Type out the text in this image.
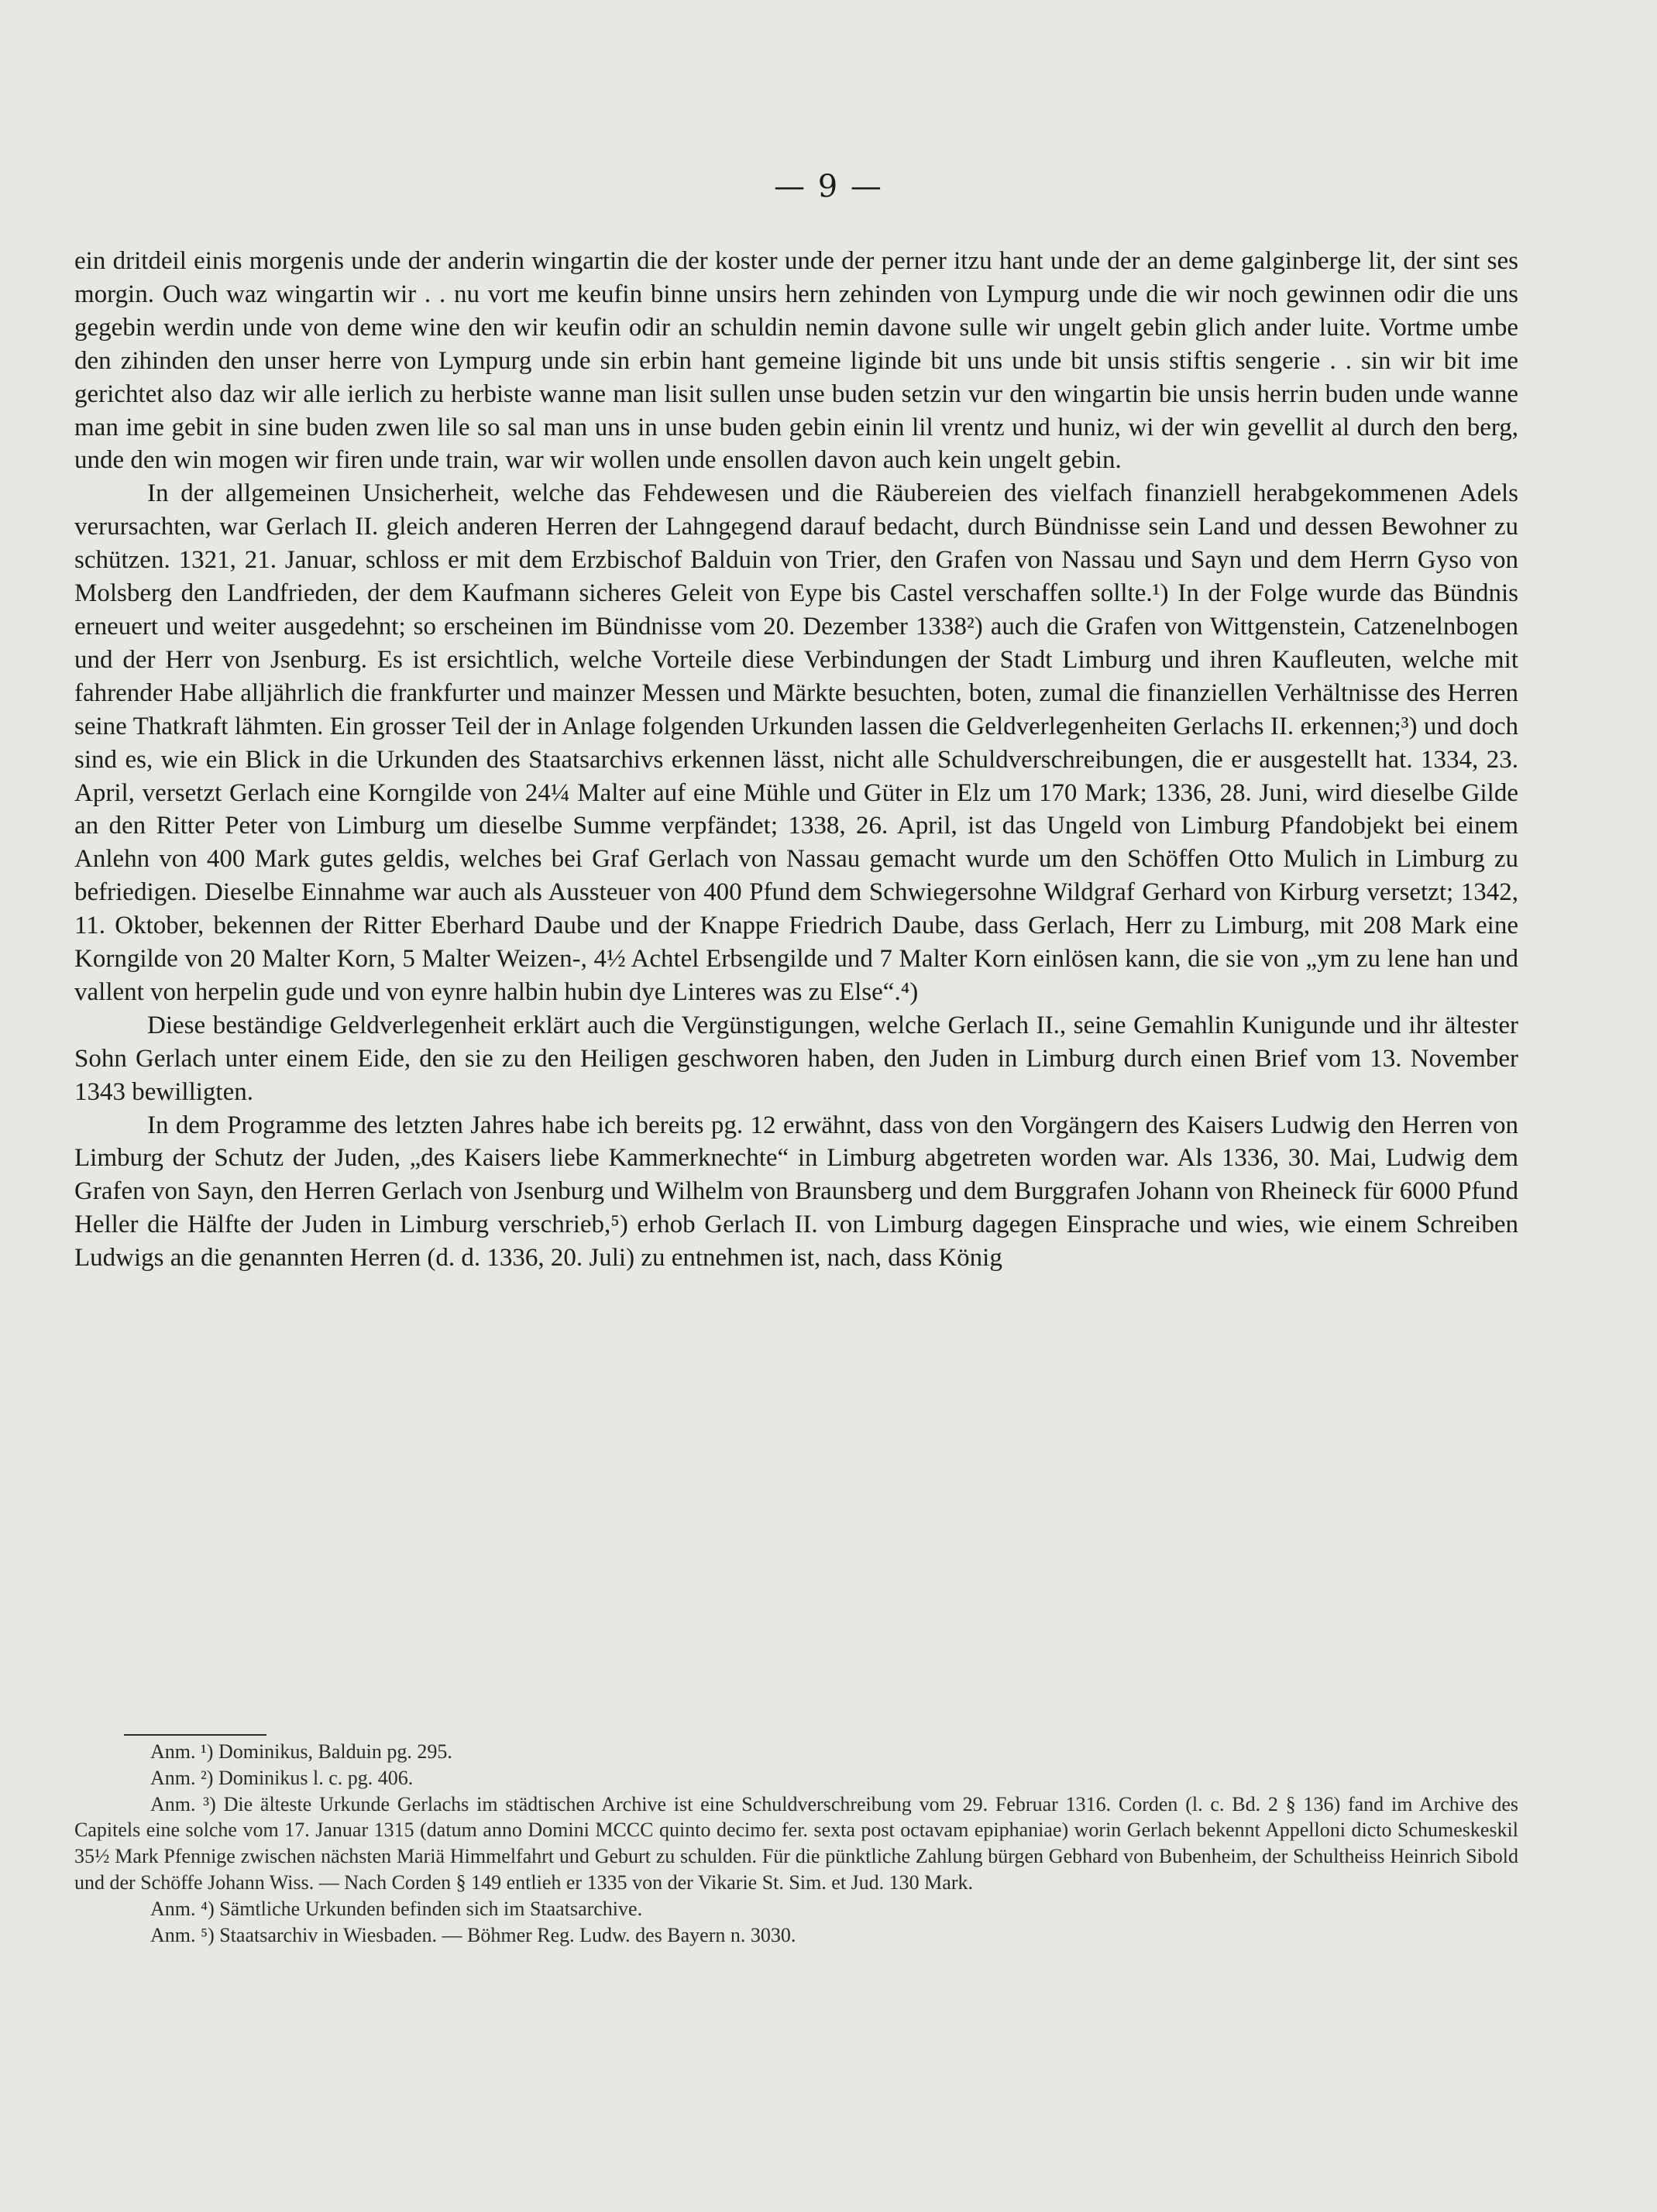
— 9 —

ein dritdeil einis morgenis unde der anderin wingartin die der koster unde der perner itzu hant unde der an deme galginberge lit, der sint ses morgin. Ouch waz wingartin wir . . nu vort me keufin binne unsirs hern zehinden von Lympurg unde die wir noch gewinnen odir die uns gegebin werdin unde von deme wine den wir keufin odir an schuldin nemin davone sulle wir ungelt gebin glich ander luite. Vortme umbe den zihinden den unser herre von Lympurg unde sin erbin hant gemeine liginde bit uns unde bit unsis stiftis sengerie . . sin wir bit ime gerichtet also daz wir alle ierlich zu herbiste wanne man lisit sullen unse buden setzin vur den wingartin bie unsis herrin buden unde wanne man ime gebit in sine buden zwen lile so sal man uns in unse buden gebin einin lil vrentz und huniz, wi der win gevellit al durch den berg, unde den win mogen wir firen unde train, war wir wollen unde ensollen davon auch kein ungelt gebin.

In der allgemeinen Unsicherheit, welche das Fehdewesen und die Räubereien des vielfach finanziell herabgekommenen Adels verursachten, war Gerlach II. gleich anderen Herren der Lahngegend darauf bedacht, durch Bündnisse sein Land und dessen Bewohner zu schützen. 1321, 21. Januar, schloss er mit dem Erzbischof Balduin von Trier, den Grafen von Nassau und Sayn und dem Herrn Gyso von Molsberg den Landfrieden, der dem Kaufmann sicheres Geleit von Eype bis Castel verschaffen sollte.¹) In der Folge wurde das Bündnis erneuert und weiter ausgedehnt; so erscheinen im Bündnisse vom 20. Dezember 1338²) auch die Grafen von Wittgenstein, Catzenelnbogen und der Herr von Jsenburg. Es ist ersichtlich, welche Vorteile diese Verbindungen der Stadt Limburg und ihren Kaufleuten, welche mit fahrender Habe alljährlich die frankfurter und mainzer Messen und Märkte besuchten, boten, zumal die finanziellen Verhältnisse des Herren seine Thatkraft lähmten. Ein grosser Teil der in Anlage folgenden Urkunden lassen die Geldverlegenheiten Gerlachs II. erkennen;³) und doch sind es, wie ein Blick in die Urkunden des Staatsarchivs erkennen lässt, nicht alle Schuldverschreibungen, die er ausgestellt hat. 1334, 23. April, versetzt Gerlach eine Korngilde von 24¼ Malter auf eine Mühle und Güter in Elz um 170 Mark; 1336, 28. Juni, wird dieselbe Gilde an den Ritter Peter von Limburg um dieselbe Summe verpfändet; 1338, 26. April, ist das Ungeld von Limburg Pfandobjekt bei einem Anlehn von 400 Mark gutes geldis, welches bei Graf Gerlach von Nassau gemacht wurde um den Schöffen Otto Mulich in Limburg zu befriedigen. Dieselbe Einnahme war auch als Aussteuer von 400 Pfund dem Schwiegersohne Wildgraf Gerhard von Kirburg versetzt; 1342, 11. Oktober, bekennen der Ritter Eberhard Daube und der Knappe Friedrich Daube, dass Gerlach, Herr zu Limburg, mit 208 Mark eine Korngilde von 20 Malter Korn, 5 Malter Weizen-, 4½ Achtel Erbsengilde und 7 Malter Korn einlösen kann, die sie von „ym zu lene han und vallent von herpelin gude und von eynre halbin hubin dye Linteres was zu Else“.⁴)

Diese beständige Geldverlegenheit erklärt auch die Vergünstigungen, welche Gerlach II., seine Gemahlin Kunigunde und ihr ältester Sohn Gerlach unter einem Eide, den sie zu den Heiligen geschworen haben, den Juden in Limburg durch einen Brief vom 13. November 1343 bewilligten.

In dem Programme des letzten Jahres habe ich bereits pg. 12 erwähnt, dass von den Vorgängern des Kaisers Ludwig den Herren von Limburg der Schutz der Juden, „des Kaisers liebe Kammerknechte“ in Limburg abgetreten worden war. Als 1336, 30. Mai, Ludwig dem Grafen von Sayn, den Herren Gerlach von Jsenburg und Wilhelm von Braunsberg und dem Burggrafen Johann von Rheineck für 6000 Pfund Heller die Hälfte der Juden in Limburg verschrieb,⁵) erhob Gerlach II. von Limburg dagegen Einsprache und wies, wie einem Schreiben Ludwigs an die genannten Herren (d. d. 1336, 20. Juli) zu entnehmen ist, nach, dass König

Anm. ¹) Dominikus, Balduin pg. 295.

Anm. ²) Dominikus l. c. pg. 406.

Anm. ³) Die älteste Urkunde Gerlachs im städtischen Archive ist eine Schuldverschreibung vom 29. Februar 1316. Corden (l. c. Bd. 2 § 136) fand im Archive des Capitels eine solche vom 17. Januar 1315 (datum anno Domini MCCC quinto decimo fer. sexta post octavam epiphaniae) worin Gerlach bekennt Appelloni dicto Schumeskeskil 35½ Mark Pfennige zwischen nächsten Mariä Himmelfahrt und Geburt zu schulden. Für die pünktliche Zahlung bürgen Gebhard von Bubenheim, der Schultheiss Heinrich Sibold und der Schöffe Johann Wiss. — Nach Corden § 149 entlieh er 1335 von der Vikarie St. Sim. et Jud. 130 Mark.

Anm. ⁴) Sämtliche Urkunden befinden sich im Staatsarchive.

Anm. ⁵) Staatsarchiv in Wiesbaden. — Böhmer Reg. Ludw. des Bayern n. 3030.
